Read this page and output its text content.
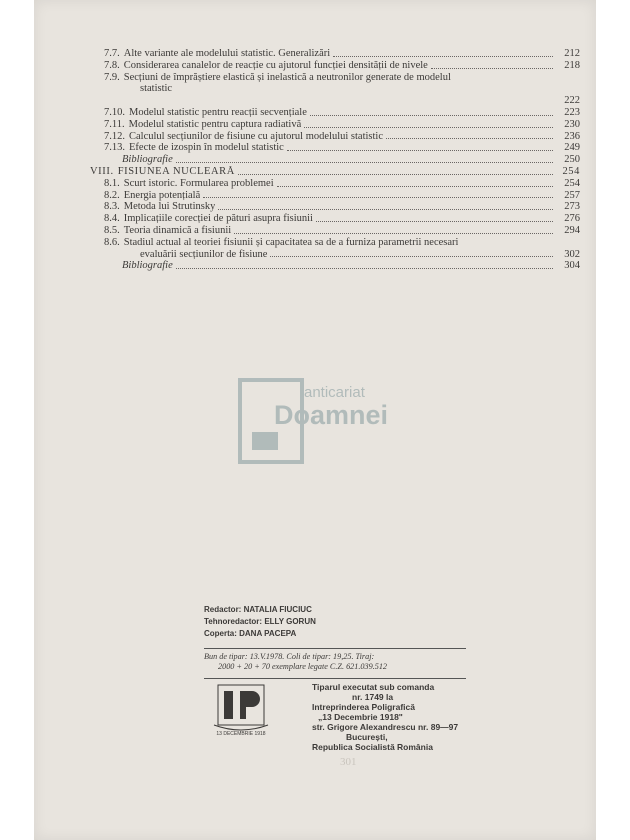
7.7. Alte variante ale modelului statistic. Generalizări	212
7.8. Considerarea canalelor de reacție cu ajutorul funcției densității de nivele	218
7.9. Secțiuni de împrăștiere elastică și inelastică a neutronilor generate de modelul
statistic
222
7.10. Modelul statistic pentru reacții secvențiale	223
7.11. Modelul statistic pentru captura radiativă	230
7.12. Calculul secțiunilor de fisiune cu ajutorul modelului statistic	236
7.13. Efecte de izospin în modelul statistic	249
Bibliografie	250
VIII. FISIUNEA NUCLEARĂ	254
8.1. Scurt istoric. Formularea problemei	254
8.2. Energia potențială	257
8.3. Metoda lui Strutinsky	273
8.4. Implicațiile corecției de pături asupra fisiunii	276
8.5. Teoria dinamică a fisiunii	294
8.6. Stadiul actual al teoriei fisiunii și capacitatea sa de a furniza parametrii necesari
evaluării secțiunilor de fisiune	302
Bibliografie	304
anticariat
Doamnei
Redactor: NATALIA FIUCIUC
Tehnoredactor: ELLY GORUN
Coperta: DANA PACEPA
Bun de tipar: 13.V.1978. Coli de tipar: 19,25. Tiraj:
2000 + 20 + 70 exemplare legate C.Z. 621.039.512
13 DECEMBRIE 1918
Tiparul executat sub comanda
nr. 1749 la
Intreprinderea Poligrafică
„13 Decembrie 1918"
str. Grigore Alexandrescu nr. 89—97
București,
Republica Socialistă România
301
